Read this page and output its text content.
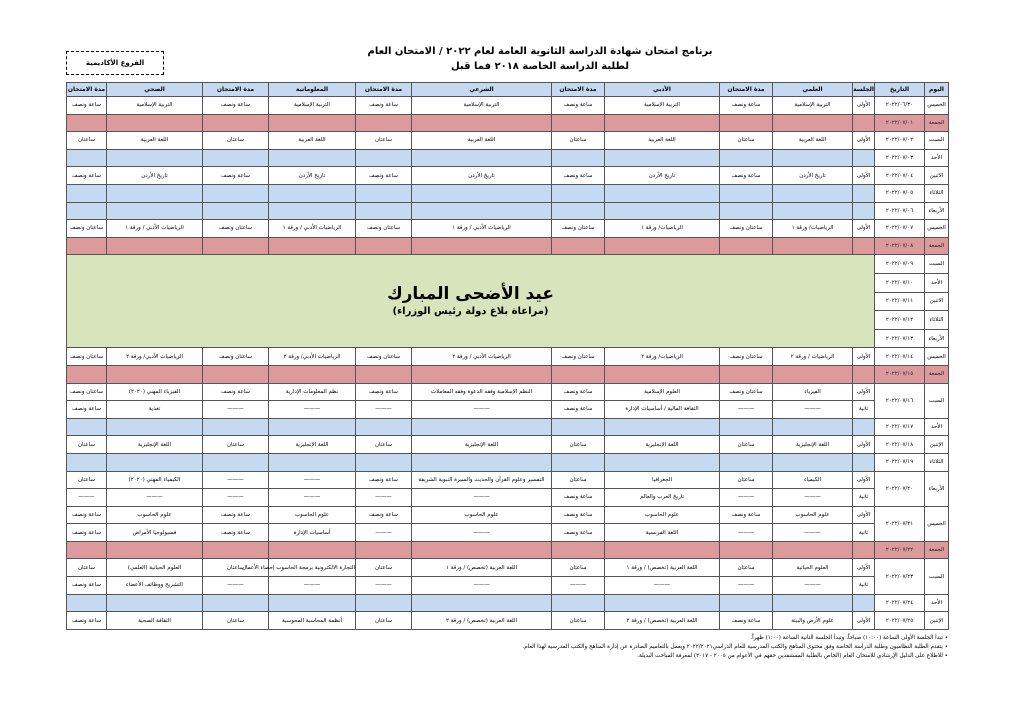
برنامج امتحان شهادة الدراسة الثانوية العامة لعام ٢٠٢٢ / الامتحان العام
لطلبة الدراسة الخاصة ٢٠١٨ فما قبل
الفروع الأكاديمية
اليوم	التاريخ	الجلسة	العلمي	مدة الامتحان	الأدبي	مدة الامتحان	الشرعي	مدة الامتحان	المعلوماتية	مدة الامتحان	الصحي	مدة الامتحان
الخميس	٢٠٢٢/٠٦/٣٠	الأولى	التربية الإسلامية	ساعة ونصف	التربية الإسلامية	ساعة ونصف	التربية الإسلامية	ساعة ونصف	التربية الإسلامية	ساعة ونصف	التربية الإسلامية	ساعة ونصف
الجمعة	٢٠٢٢/٠٧/٠١											
السبت	٢٠٢٢/٠٧/٠٢	الأولى	اللغة العربية	ساعتان	اللغة العربية	ساعتان	اللغة العربية	ساعتان	اللغة العربية	ساعتان	اللغة العربية	ساعتان
الأحد	٢٠٢٢/٠٧/٠٣											
الاثنين	٢٠٢٢/٠٧/٠٤	الأولى	تاريخ الأردن	ساعة ونصف	تاريخ الأردن	ساعة ونصف	تاريخ الأردن	ساعة ونصف	تاريخ الأردن	ساعة ونصف	تاريخ الأردن	ساعة ونصف
الثلاثاء	٢٠٢٢/٠٧/٠٥											
الأربعاء	٢٠٢٢/٠٧/٠٦											
الخميس	٢٠٢٢/٠٧/٠٧	الأولى	الرياضيات/ ورقة ١	ساعتان ونصف	الرياضيات/ ورقة ١	ساعتان ونصف	الرياضيات الأدبي / ورقة ١	ساعتان ونصف	الرياضيات الأدبي / ورقة ١	ساعتان ونصف	الرياضيات الأدبي / ورقة ١	ساعتان ونصف
الجمعة	٢٠٢٢/٠٧/٠٨											
السبت	٢٠٢٢/٠٧/٠٩	عيد الأضحى المبارك
(مراعاة بلاغ دولة رئيس الوزراء)										

الأحد	٢٠٢٢/٠٧/١٠											
الاثنين	٢٠٢٢/٠٧/١١											
الثلاثاء	٢٠٢٢/٠٧/١٢											
الأربعاء	٢٠٢٢/٠٧/١٣											
الخميس	٢٠٢٢/٠٧/١٤	الأولى	الرياضيات / ورقة ٢	ساعتان ونصف	الرياضيات/ ورقة ٢	ساعتان ونصف	الرياضيات الأدبي / ورقة ٢	ساعتان ونصف	الرياضيات الأدبي/ ورقة ٢	ساعتان ونصف	الرياضيات الأدبي/ ورقة ٢	ساعتان ونصف
الجمعة	٢٠٢٢/٠٧/١٥											
السبت	٢٠٢٢/٠٧/١٦	الأولى	الفيزياء	ساعتان ونصف	العلوم الإسلامية	ساعة ونصف	النظم الإسلامية وفقه الدعوة وفقه المعاملات	ساعة ونصف	نظم المعلومات الإدارية	ساعة ونصف	الفيزياء المهني (٢٠٢٠)	ساعتان ونصف
		ثانية	———	———	الثقافة المالية / أساسيات الإدارة	ساعة ونصف	———	———	———	———	تغذية	ساعة ونصف
الأحد	٢٠٢٢/٠٧/١٧											
الإثنين	٢٠٢٢/٠٧/١٨	الأولى	اللغة الإنجليزية	ساعتان	اللغة الإنجليزية	ساعتان	اللغة الإنجليزية	ساعتان	اللغة الإنجليزية	ساعتان	اللغة الإنجليزية	ساعتان
الثلاثاء	٢٠٢٢/٠٧/١٩											
الأربعاء	٢٠٢٢/٠٧/٢٠	الأولى	الكيمياء	ساعتان	الجغرافيا	ساعتان	التفسير وعلوم القرآن والحديث والسيرة النبوية الشريفة	ساعة ونصف	———	———	الكيمياء المهني (٢٠٢٠)	ساعتان
		ثانية	———	———	تاريخ العرب والعالم	ساعة ونصف	———	———	———	———	———	———
الخميس	٢٠٢٢/٠٧/٢١	الأولى	علوم الحاسوب	ساعة ونصف	علوم الحاسوب	ساعة ونصف	علوم الحاسوب	ساعة ونصف	علوم الحاسوب	ساعة ونصف	علوم الحاسوب	ساعة ونصف
		ثانية	———	———	اللغة الفرنسية	ساعة ونصف	———	———	أساسيات الإدارة	ساعة ونصف	فسيولوجيا الأمراض	ساعة ونصف
الجمعة	٢٠٢٢/٠٧/٢٢											
السبت	٢٠٢٢/٠٧/٢٣	الأولى	العلوم الحياتية	ساعتان	اللغة العربية (تخصص) / ورقة ١	ساعتان	اللغة العربية (تخصص) / ورقة ١	ساعتان	التجارة الالكترونية برمجة الحاسوب إحصاء الأعمال	ساعتان	العلوم الحياتية (العلمي)	ساعتان
		ثانية	———	———	———	———	———	———	———	———	التشريح ووظائف الأعضاء	ساعة ونصف
الأحد	٢٠٢٢/٠٧/٢٤											
الإثنين	٢٠٢٢/٠٧/٢٥	الأولى	علوم الأرض والبيئة	ساعة ونصف	اللغة العربية (تخصص) / ورقة ٢	ساعتان	اللغة العربية (تخصص) / ورقة ٢	ساعتان	أنظمة المحاسبة المحوسبة	ساعتان	الثقافة الصحية	ساعة ونصف
• تبدأ الجلسة الأولى الساعة (١٠:٠٠) صباحاً، وتبدأ الجلسة الثانية الساعة (١:٠٠) ظهراً.
• يتقدم الطلبة النظاميون وطلبة الدراسة الخاصة وفق محتوى المناهج والكتب المدرسية للعام الدراسي٢٠٢٢/٢٠٢١ ويعمل بالتعاميم الصادرة عن إدارة المناهج والكتب المدرسية لهذا العام.
• للاطلاع على الدليل الإرشادي للامتحان العام (الخاص بالطلبة المستنفدين حقهم في الأعوام من ٢٠٠٥ - ٢٠١٧) لمعرفة المباحث البديلة.
